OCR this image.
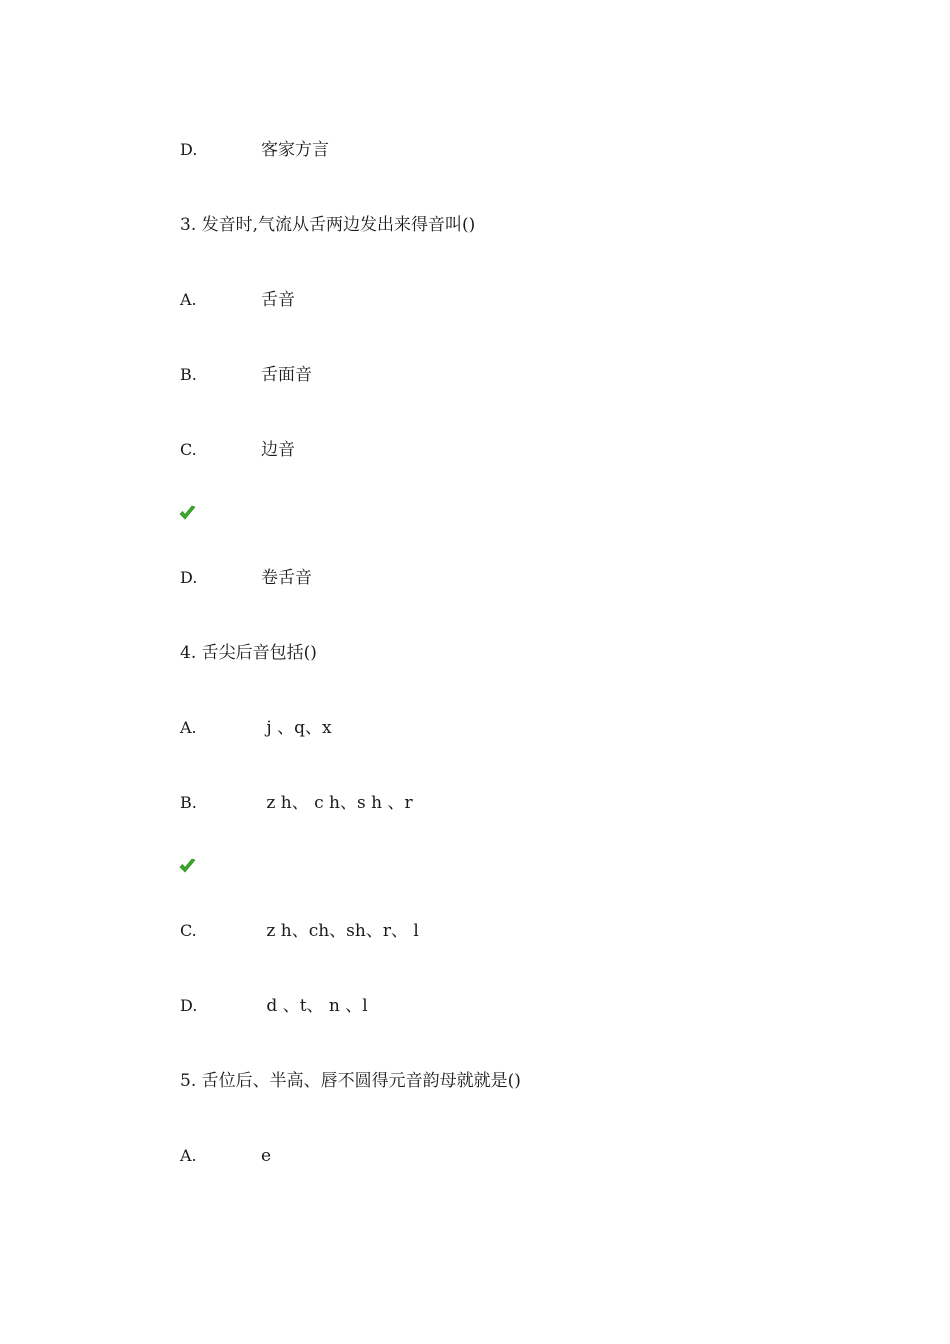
D.	客家方言
3. 发音时,气流从舌两边发出来得音叫()
A.	舌音
B.	舌面音
C.	边音
D.	卷舌音
4. 舌尖后音包括()
A.	j 、q、x
B.	z h、 c h、s h 、r
C.	z h、ch、sh、r、 l
D.	d 、t、 n 、l
5. 舌位后、半高、唇不圆得元音韵母就就是()
A.	e
